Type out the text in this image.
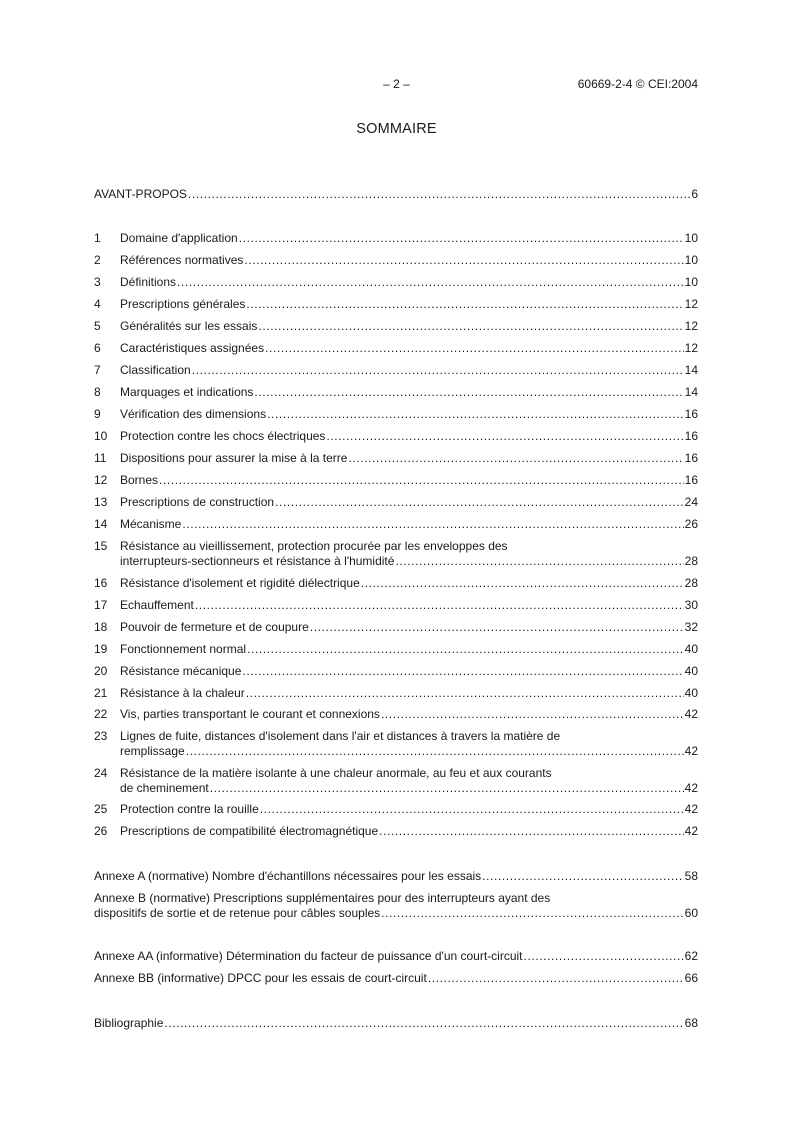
– 2 –	60669-2-4 © CEI:2004
SOMMAIRE
AVANT-PROPOS .....	6
1	Domaine d'application .....	10
2	Références normatives .....	10
3	Définitions .....	10
4	Prescriptions générales .....	12
5	Généralités sur les essais .....	12
6	Caractéristiques assignées .....	12
7	Classification .....	14
8	Marquages et indications .....	14
9	Vérification des dimensions .....	16
10	Protection contre les chocs électriques .....	16
11	Dispositions pour assurer la mise à la terre .....	16
12	Bornes .....	16
13	Prescriptions de construction .....	24
14	Mécanisme .....	26
15 Résistance au vieillissement, protection procurée par les enveloppes des
interrupteurs-sectionneurs et résistance à l'humidité .....	28
16	Résistance d'isolement et rigidité diélectrique .....	28
17	Echauffement .....	30
18	Pouvoir de fermeture et de coupure .....	32
19	Fonctionnement normal .....	40
20	Résistance mécanique .....	40
21	Résistance à la chaleur .....	40
22	Vis, parties transportant le courant et connexions .....	42
23 Lignes de fuite, distances d'isolement dans l'air et distances à travers la matière de
remplissage .....	42
24 Résistance de la matière isolante à une chaleur anormale, au feu et aux courants
de cheminement .....	42
25	Protection contre la rouille .....	42
26	Prescriptions de compatibilité électromagnétique .....	42
Annexe A (normative) Nombre d'échantillons nécessaires pour les essais .....	58
Annexe B (normative) Prescriptions supplémentaires pour des interrupteurs ayant des
dispositifs de sortie et de retenue pour câbles souples .....	60
Annexe AA (informative) Détermination du facteur de puissance d'un court-circuit .....	62
Annexe BB (informative) DPCC pour les essais de court-circuit .....	66
Bibliographie .....	68
